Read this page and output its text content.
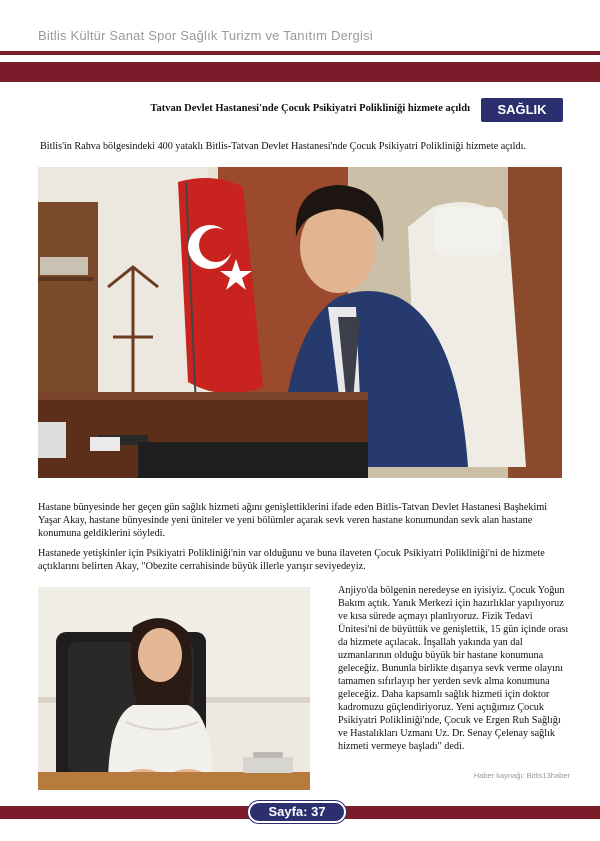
Bitlis Kültür Sanat Spor Sağlık Turizm ve Tanıtım Dergisi
Tatvan Devlet Hastanesi'nde Çocuk Psikiyatri Polikliniği hizmete açıldı	SAĞLIK
Bitlis'in Rahva bölgesindeki 400 yataklı Bitlis-Tatvan Devlet Hastanesi'nde Çocuk Psikiyatri Polikliniği hizmete açıldı.
Hastane bünyesinde her geçen gün sağlık hizmeti ağını genişlettiklerini ifade eden Bitlis-Tatvan Devlet Hastanesi Başhekimi Yaşar Akay, hastane bünyesinde yeni üniteler ve yeni bölümler açarak sevk veren hastane konumundan sevk alan hastane konumuna geldiklerini söyledi.
Hastanede yetişkinler için Psikiyatri Polikliniği'nin var olduğunu ve buna ilaveten Çocuk Psikiyatri Polikliniği'ni de hizmete açtıklarını belirten Akay, "Obezite cerrahisinde büyük illerle yarışır seviyedeyiz.
Anjiyo'da bölgenin neredeyse en iyisiyiz. Çocuk Yoğun Bakım açtık. Yanık Merkezi için hazırlıklar yapılıyoruz ve kısa sürede açmayı planlıyoruz. Fizik Tedavi Ünitesi'ni de büyüttük ve genişlettik, 15 gün içinde orası da hizmete açılacak. İnşallah yakında yan dal uzmanlarının olduğu büyük bir hastane konumuna geleceğiz. Bununla birlikte dışarıya sevk verme olayını tamamen sıfırlayıp her yerden sevk alma konumuna geleceğiz. Daha kapsamlı sağlık hizmeti için doktor kadromuzu güçlendiriyoruz. Yeni açtığımız Çocuk Psikiyatri Polikliniği'nde, Çocuk ve Ergen Ruh Sağlığı ve Hastalıkları Uzmanı Uz. Dr. Senay Çelenay sağlık hizmeti vermeye başladı" dedi.
Haber kaynağı: Bitlis13haber
Sayfa: 37
